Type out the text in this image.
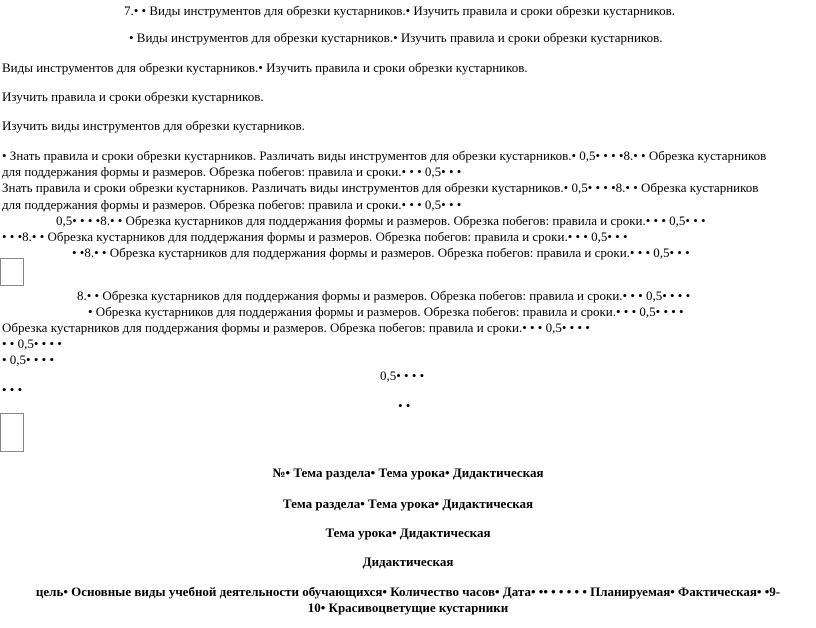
7.• • Виды инструментов для обрезки кустарников.• Изучить правила и сроки обрезки кустарников.
• Виды инструментов для обрезки кустарников.• Изучить правила и сроки обрезки кустарников.
Виды инструментов для обрезки кустарников.• Изучить правила и сроки обрезки кустарников.
Изучить правила и сроки обрезки кустарников.
Изучить виды инструментов для обрезки кустарников.
• Знать правила и сроки обрезки кустарников. Различать виды инструментов для обрезки кустарников.• 0,5• • • •8.• • Обрезка кустарников
для поддержания формы и размеров. Обрезка побегов: правила и сроки.• • • 0,5• • •
Знать правила и сроки обрезки кустарников. Различать виды инструментов для обрезки кустарников.• 0,5• • • •8.• • Обрезка кустарников
для поддержания формы и размеров. Обрезка побегов: правила и сроки.• • • 0,5• • •
0,5• • • •8.• • Обрезка кустарников для поддержания формы и размеров. Обрезка побегов: правила и сроки.• • • 0,5• • •
• • •8.• • Обрезка кустарников для поддержания формы и размеров. Обрезка побегов: правила и сроки.• • • 0,5• • •
• •8.• • Обрезка кустарников для поддержания формы и размеров. Обрезка побегов: правила и сроки.• • • 0,5• • •
8.• • Обрезка кустарников для поддержания формы и размеров. Обрезка побегов: правила и сроки.• • • 0,5• • • •
• Обрезка кустарников для поддержания формы и размеров. Обрезка побегов: правила и сроки.• • • 0,5• • • •
Обрезка кустарников для поддержания формы и размеров. Обрезка побегов: правила и сроки.• • • 0,5• • • •
• • 0,5• • • •
• 0,5• • • •
0,5• • • •
• • •
• •
№• Тема раздела• Тема урока• Дидактическая
Тема раздела• Тема урока• Дидактическая
Тема урока• Дидактическая
Дидактическая
цель• Основные виды учебной деятельности обучающихся• Количество часов• Дата• •• • • • • • Планируемая• Фактическая• •9-
10• Красивоцветущие кустарники
